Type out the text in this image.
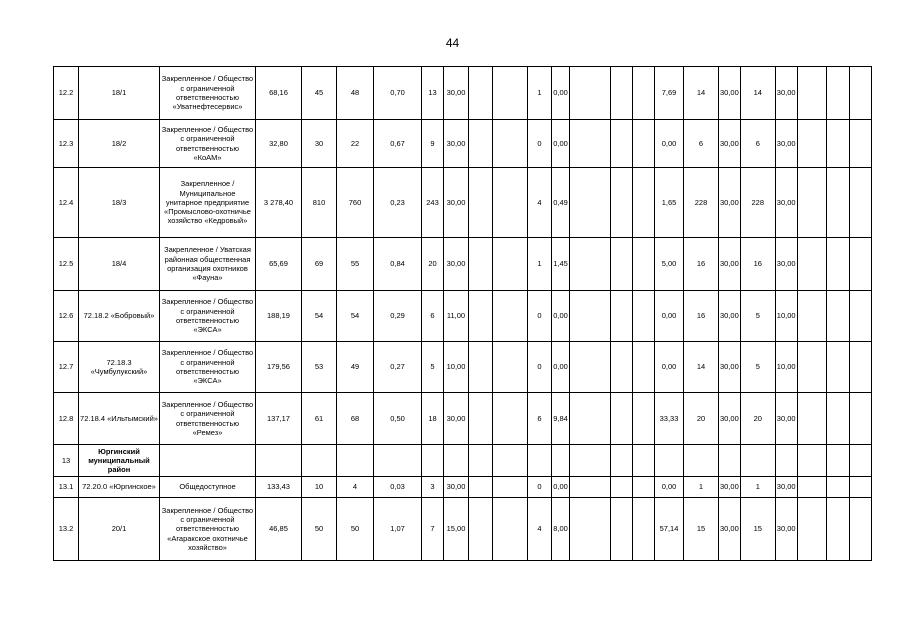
44
12.2	18/1	Закрепленное / Общество с ограниченной ответственностью «Уватнефтесервис»	68,16	45	48	0,70	13	30,00			1	0,00				7,69	14	30,00	14	30,00			
12.3	18/2	Закрепленное / Общество с ограниченной ответственностью «КоАМ»	32,80	30	22	0,67	9	30,00			0	0,00				0,00	6	30,00	6	30,00			
12.4	18/3	Закрепленное / Муниципальное унитарное предприятие «Промыслово-охотничье хозяйство «Кедровый»	3 278,40	810	760	0,23	243	30,00			4	0,49				1,65	228	30,00	228	30,00			
12.5	18/4	Закрепленное / Уватская районная общественная организация охотников «Фауна»	65,69	69	55	0,84	20	30,00			1	1,45				5,00	16	30,00	16	30,00			
12.6	72.18.2 «Бобровый»	Закрепленное / Общество с ограниченной ответственностью «ЭКСА»	188,19	54	54	0,29	6	11,00			0	0,00				0,00	16	30,00	5	10,00			
12.7	72.18.3 «Чумбулукский»	Закрепленное / Общество с ограниченной ответственностью «ЭКСА»	179,56	53	49	0,27	5	10,00			0	0,00				0,00	14	30,00	5	10,00			
12.8	72.18.4 «Ильтымский»	Закрепленное / Общество с ограниченной ответственностью «Ремез»	137,17	61	68	0,50	18	30,00			6	9,84				33,33	20	30,00	20	30,00			
13	Юргинский муниципальный район																						
13.1	72.20.0 «Юргинское»	Общедоступное	133,43	10	4	0,03	3	30,00			0	0,00				0,00	1	30,00	1	30,00			
13.2	20/1	Закрепленное / Общество с ограниченной ответственностью «Агаракское охотничье хозяйство»	46,85	50	50	1,07	7	15,00			4	8,00				57,14	15	30,00	15	30,00			
